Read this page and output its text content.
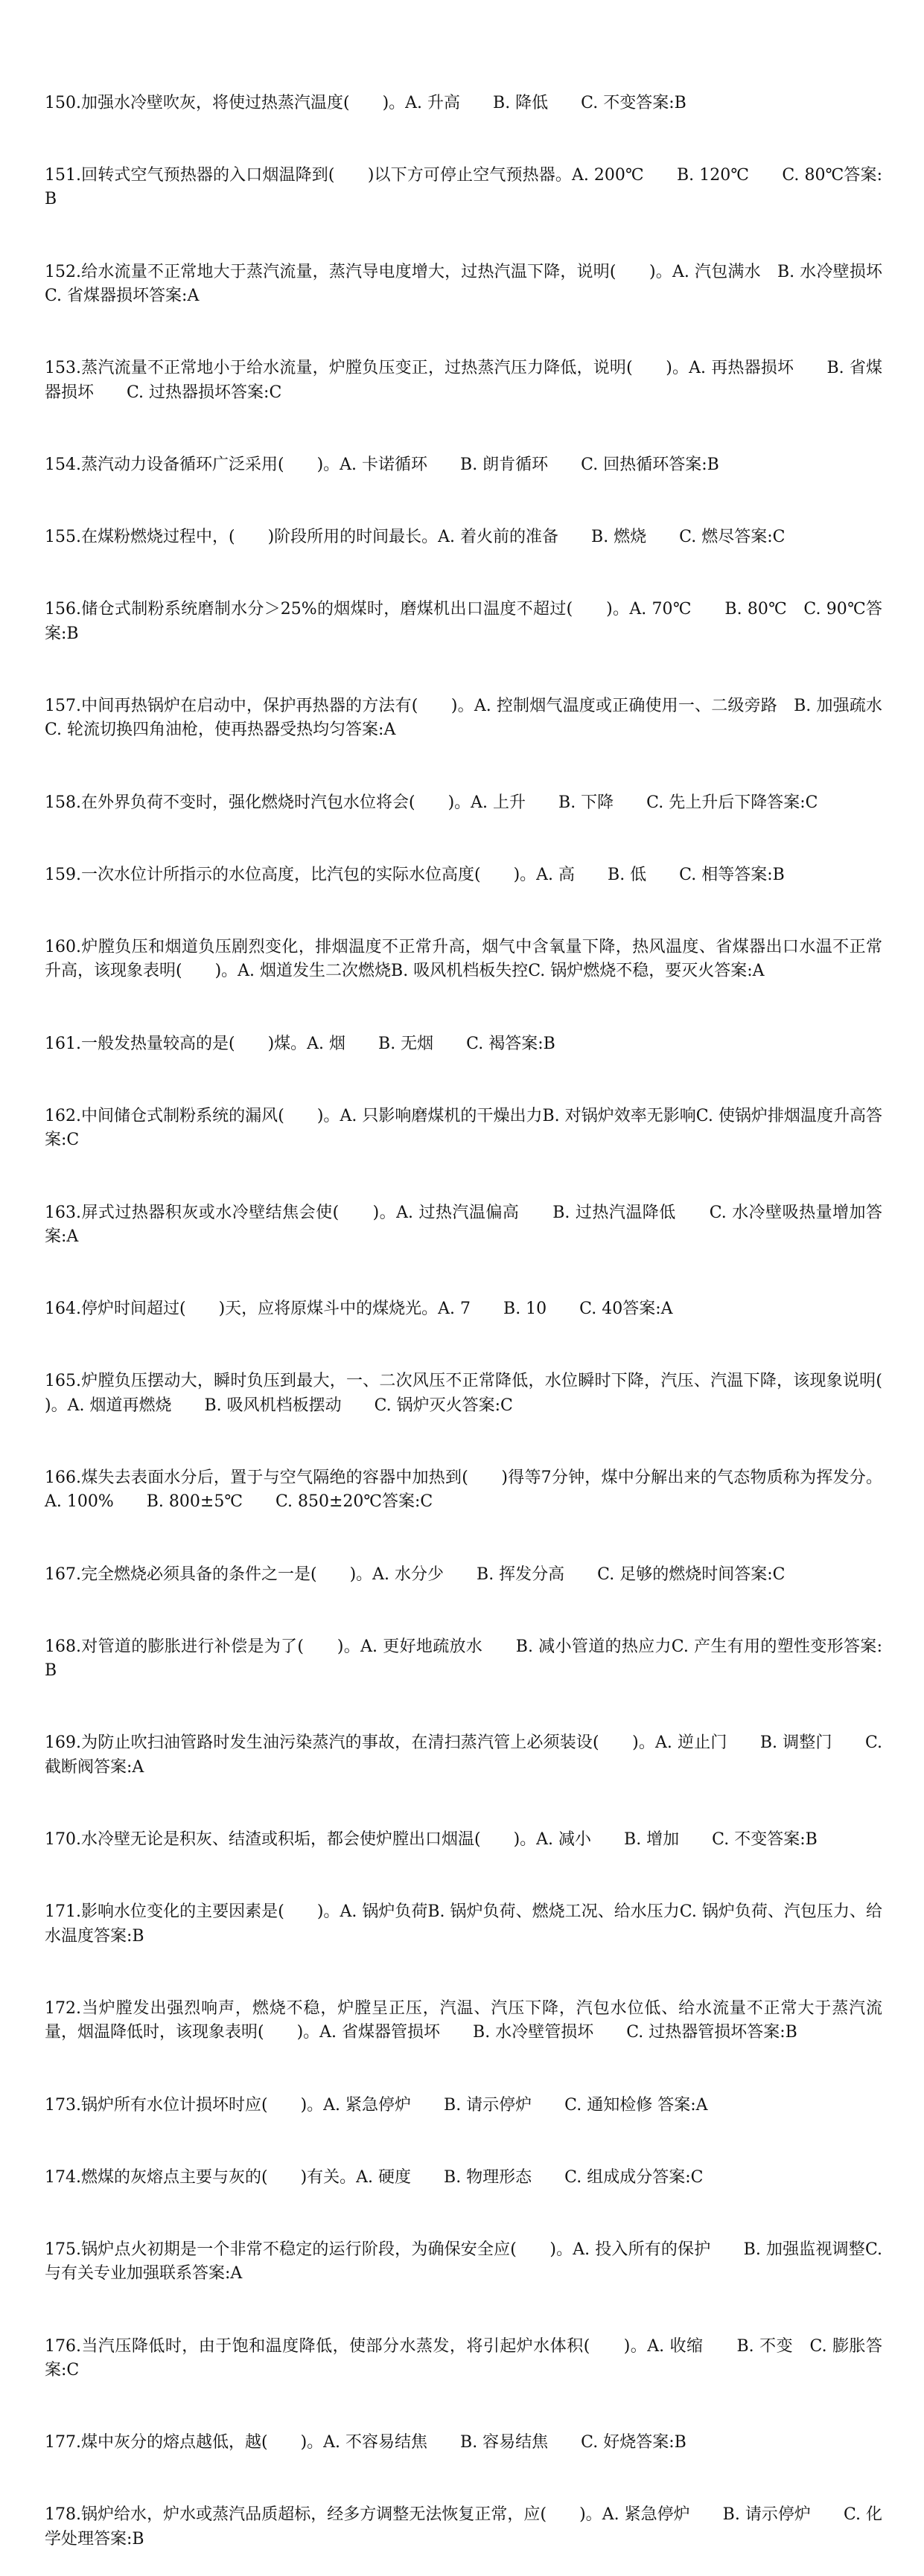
150.加强水冷壁吹灰，将使过热蒸汽温度(　　)。A. 升高　　B. 降低　　C. 不变答案:B

151.回转式空气预热器的入口烟温降到(　　)以下方可停止空气预热器。A. 200℃　　B. 120℃　　C. 80℃答案:B

152.给水流量不正常地大于蒸汽流量，蒸汽导电度增大，过热汽温下降，说明(　　)。A. 汽包满水　B. 水冷壁损坏　　C. 省煤器损坏答案:A

153.蒸汽流量不正常地小于给水流量，炉膛负压变正，过热蒸汽压力降低，说明(　　)。A. 再热器损坏　　B. 省煤器损坏　　C. 过热器损坏答案:C

154.蒸汽动力设备循环广泛采用(　　)。A. 卡诺循环　　B. 朗肯循环　　C. 回热循环答案:B

155.在煤粉燃烧过程中，(　　)阶段所用的时间最长。A. 着火前的准备　　B. 燃烧　　C. 燃尽答案:C

156.储仓式制粉系统磨制水分＞25%的烟煤时，磨煤机出口温度不超过(　　)。A. 70℃　　B. 80℃　C. 90℃答案:B

157.中间再热锅炉在启动中，保护再热器的方法有(　　)。A. 控制烟气温度或正确使用一、二级旁路　B. 加强疏水C. 轮流切换四角油枪，使再热器受热均匀答案:A

158.在外界负荷不变时，强化燃烧时汽包水位将会(　　)。A. 上升　　B. 下降　　C. 先上升后下降答案:C

159.一次水位计所指示的水位高度，比汽包的实际水位高度(　　)。A. 高　　B. 低　　C. 相等答案:B

160.炉膛负压和烟道负压剧烈变化，排烟温度不正常升高，烟气中含氧量下降，热风温度、省煤器出口水温不正常升高，该现象表明(　　)。A. 烟道发生二次燃烧B. 吸风机档板失控C. 锅炉燃烧不稳，要灭火答案:A

161.一般发热量较高的是(　　)煤。A. 烟　　B. 无烟　　C. 褐答案:B

162.中间储仓式制粉系统的漏风(　　)。A. 只影响磨煤机的干燥出力B. 对锅炉效率无影响C. 使锅炉排烟温度升高答案:C

163.屏式过热器积灰或水冷壁结焦会使(　　)。A. 过热汽温偏高　　B. 过热汽温降低　　C. 水冷壁吸热量增加答案:A

164.停炉时间超过(　　)天，应将原煤斗中的煤烧光。A. 7　　B. 10　　C. 40答案:A

165.炉膛负压摆动大，瞬时负压到最大，一、二次风压不正常降低，水位瞬时下降，汽压、汽温下降，该现象说明(　　)。A. 烟道再燃烧　　B. 吸风机档板摆动　　C. 锅炉灭火答案:C

166.煤失去表面水分后，置于与空气隔绝的容器中加热到(　　)得等7分钟，煤中分解出来的气态物质称为挥发分。A. 100%　　B. 800±5℃　　C. 850±20℃答案:C

167.完全燃烧必须具备的条件之一是(　　)。A. 水分少　　B. 挥发分高　　C. 足够的燃烧时间答案:C

168.对管道的膨胀进行补偿是为了(　　)。A. 更好地疏放水　　B. 减小管道的热应力C. 产生有用的塑性变形答案:B

169.为防止吹扫油管路时发生油污染蒸汽的事故，在清扫蒸汽管上必须装设(　　)。A. 逆止门　　B. 调整门　　C. 截断阀答案:A

170.水冷壁无论是积灰、结渣或积垢，都会使炉膛出口烟温(　　)。A. 减小　　B. 增加　　C. 不变答案:B

171.影响水位变化的主要因素是(　　)。A. 锅炉负荷B. 锅炉负荷、燃烧工况、给水压力C. 锅炉负荷、汽包压力、给水温度答案:B

172.当炉膛发出强烈响声，燃烧不稳，炉膛呈正压，汽温、汽压下降，汽包水位低、给水流量不正常大于蒸汽流量，烟温降低时，该现象表明(　　)。A. 省煤器管损坏　　B. 水冷壁管损坏　　C. 过热器管损坏答案:B

173.锅炉所有水位计损坏时应(　　)。A. 紧急停炉　　B. 请示停炉　　C. 通知检修 答案:A

174.燃煤的灰熔点主要与灰的(　　)有关。A. 硬度　　B. 物理形态　　C. 组成成分答案:C

175.锅炉点火初期是一个非常不稳定的运行阶段，为确保安全应(　　)。A. 投入所有的保护　　B. 加强监视调整C. 与有关专业加强联系答案:A

176.当汽压降低时，由于饱和温度降低，使部分水蒸发，将引起炉水体积(　　)。A. 收缩　　B. 不变　C. 膨胀答案:C

177.煤中灰分的熔点越低，越(　　)。A. 不容易结焦　　B. 容易结焦　　C. 好烧答案:B

178.锅炉给水，炉水或蒸汽品质超标，经多方调整无法恢复正常，应(　　)。A. 紧急停炉　　B. 请示停炉　　C. 化学处理答案:B
